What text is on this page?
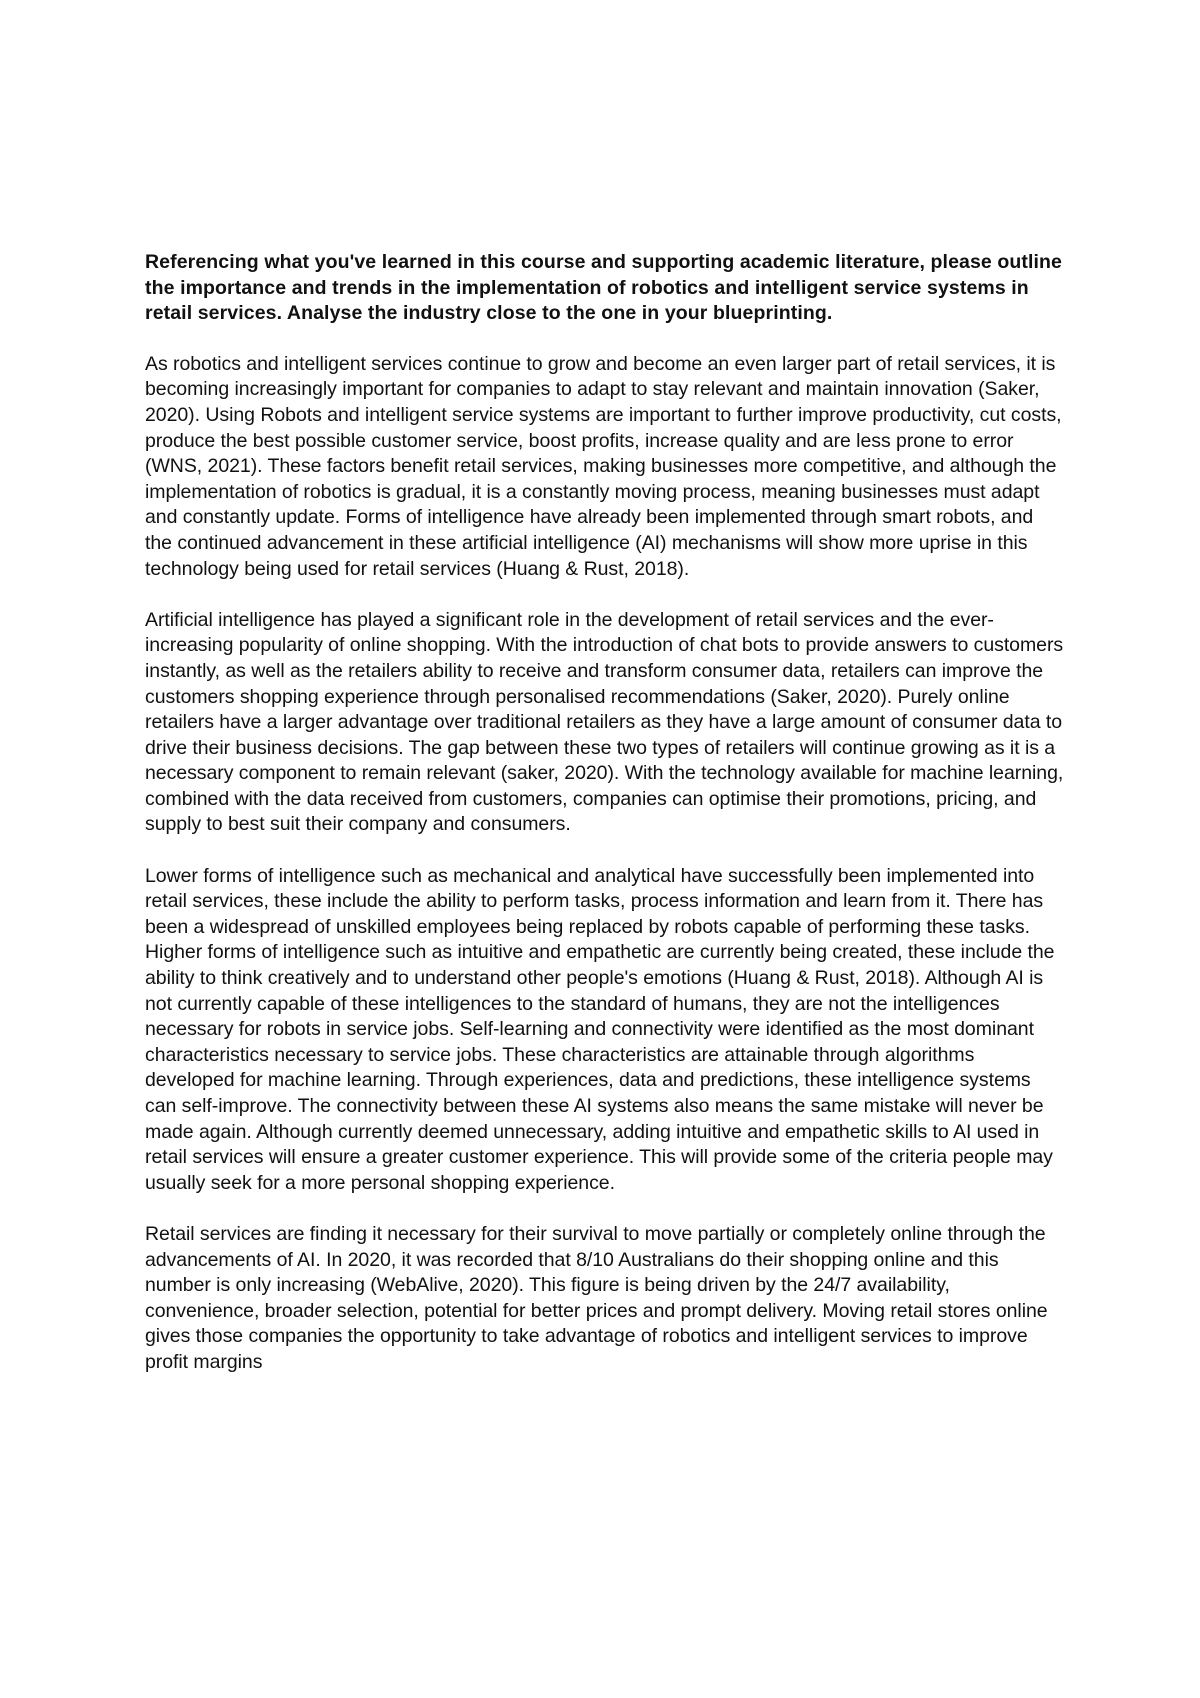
Referencing what you've learned in this course and supporting academic literature, please outline the importance and trends in the implementation of robotics and intelligent service systems in retail services. Analyse the industry close to the one in your blueprinting.

As robotics and intelligent services continue to grow and become an even larger part of retail services, it is becoming increasingly important for companies to adapt to stay relevant and maintain innovation (Saker, 2020). Using Robots and intelligent service systems are important to further improve productivity, cut costs, produce the best possible customer service, boost profits, increase quality and are less prone to error (WNS, 2021). These factors benefit retail services, making businesses more competitive, and although the implementation of robotics is gradual, it is a constantly moving process, meaning businesses must adapt and constantly update. Forms of intelligence have already been implemented through smart robots, and the continued advancement in these artificial intelligence (AI) mechanisms will show more uprise in this technology being used for retail services (Huang & Rust, 2018).

Artificial intelligence has played a significant role in the development of retail services and the ever-increasing popularity of online shopping. With the introduction of chat bots to provide answers to customers instantly, as well as the retailers ability to receive and transform consumer data, retailers can improve the customers shopping experience through personalised recommendations (Saker, 2020). Purely online retailers have a larger advantage over traditional retailers as they have a large amount of consumer data to drive their business decisions. The gap between these two types of retailers will continue growing as it is a necessary component to remain relevant (saker, 2020). With the technology available for machine learning, combined with the data received from customers, companies can optimise their promotions, pricing, and supply to best suit their company and consumers.

Lower forms of intelligence such as mechanical and analytical have successfully been implemented into retail services, these include the ability to perform tasks, process information and learn from it. There has been a widespread of unskilled employees being replaced by robots capable of performing these tasks. Higher forms of intelligence such as intuitive and empathetic are currently being created, these include the ability to think creatively and to understand other people's emotions (Huang & Rust, 2018). Although AI is not currently capable of these intelligences to the standard of humans, they are not the intelligences necessary for robots in service jobs. Self-learning and connectivity were identified as the most dominant characteristics necessary to service jobs. These characteristics are attainable through algorithms developed for machine learning. Through experiences, data and predictions, these intelligence systems can self-improve. The connectivity between these AI systems also means the same mistake will never be made again. Although currently deemed unnecessary, adding intuitive and empathetic skills to AI used in retail services will ensure a greater customer experience. This will provide some of the criteria people may usually seek for a more personal shopping experience.

Retail services are finding it necessary for their survival to move partially or completely online through the advancements of AI. In 2020, it was recorded that 8/10 Australians do their shopping online and this number is only increasing (WebAlive, 2020). This figure is being driven by the 24/7 availability, convenience, broader selection, potential for better prices and prompt delivery. Moving retail stores online gives those companies the opportunity to take advantage of robotics and intelligent services to improve profit margins
